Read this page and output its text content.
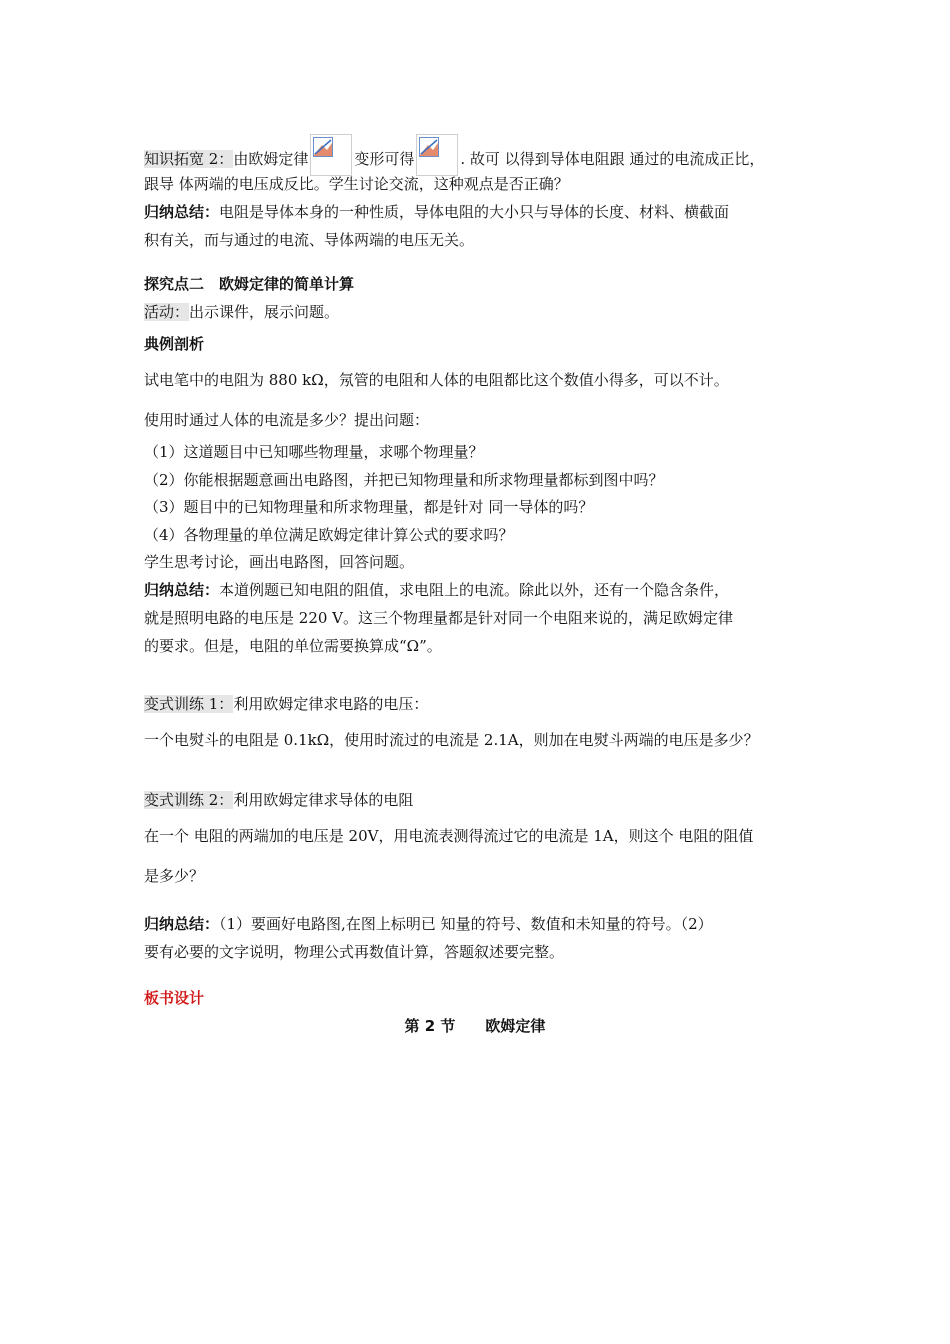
知识拓宽 2：由欧姆定律	变形可得	. 故可 以得到导体电阻跟 通过的电流成正比，
跟导 体两端的电压成反比。学生讨论交流，这种观点是否正确？
归纳总结：电阻是导体本身的一种性质，导体电阻的大小只与导体的长度、材料、横截面
积有关，而与通过的电流、导体两端的电压无关。
探究点二　欧姆定律的简单计算
活动：出示课件，展示问题。
典例剖析
试电笔中的电阻为 880 kΩ，氖管的电阻和人体的电阻都比这个数值小得多，可以不计。
使用时通过人体的电流是多少？提出问题：
（1）这道题目中已知哪些物理量，求哪个物理量？
（2）你能根据题意画出电路图，并把已知物理量和所求物理量都标到图中吗？
（3）题目中的已知物理量和所求物理量，都是针对 同一导体的吗？
（4）各物理量的单位满足欧姆定律计算公式的要求吗？
学生思考讨论，画出电路图，回答问题。
归纳总结：本道例题已知电阻的阻值，求电阻上的电流。除此以外，还有一个隐含条件，
就是照明电路的电压是 220 V。这三个物理量都是针对同一个电阻来说的，满足欧姆定律
的要求。但是，电阻的单位需要换算成“Ω”。
变式训练 1：利用欧姆定律求电路的电压：
一个电熨斗的电阻是 0.1kΩ，使用时流过的电流是 2.1A，则加在电熨斗两端的电压是多少？
变式训练 2：利用欧姆定律求导体的电阻
在一个 电阻的两端加的电压是 20V，用电流表测得流过它的电流是 1A，则这个 电阻的阻值
是多少？
归纳总结：（1）要画好电路图,在图上标明已 知量的符号、数值和未知量的符号。（2）
要有必要的文字说明，物理公式再数值计算，答题叙述要完整。
板书设计
第 2 节　　欧姆定律
